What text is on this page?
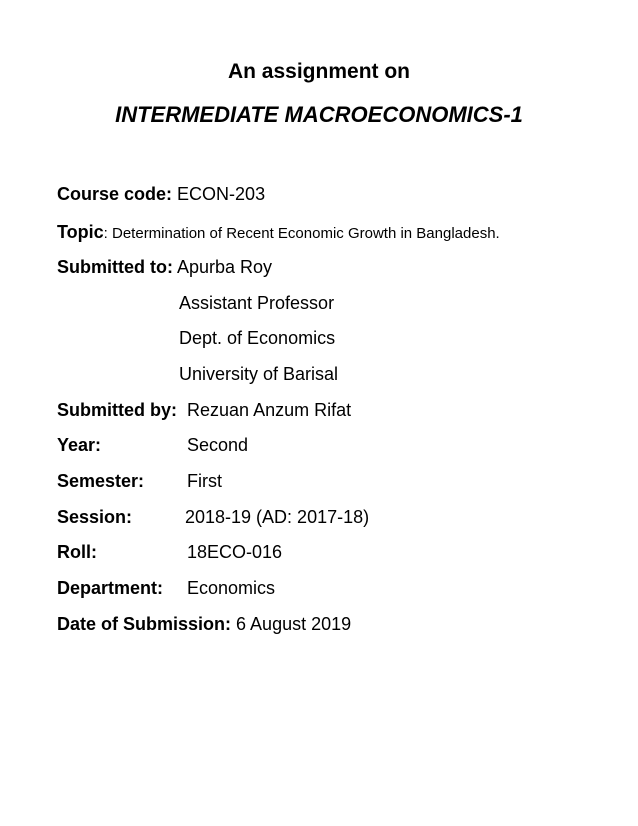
An assignment on
INTERMEDIATE MACROECONOMICS-1
Course code: ECON-203
Topic: Determination of Recent Economic Growth in Bangladesh.
Submitted to: Apurba Roy
Assistant Professor
Dept. of Economics
University of Barisal
Submitted by: Rezuan Anzum Rifat
Year:	Second
Semester: First
Session:	2018-19 (AD: 2017-18)
Roll:	18ECO-016
Department: Economics
Date of Submission: 6 August 2019
